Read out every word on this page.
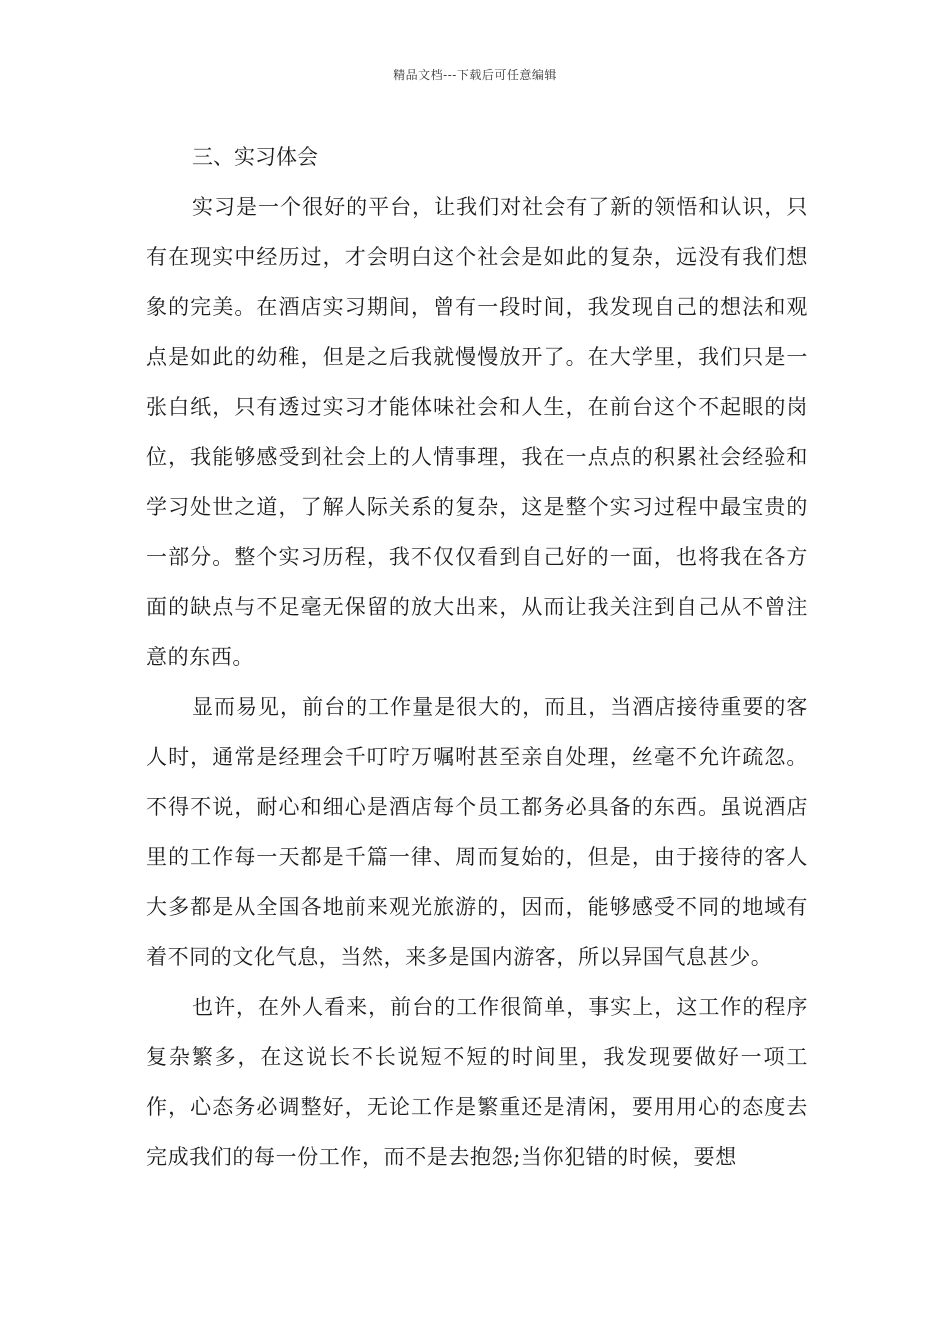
精品文档---下载后可任意编辑
三、实习体会

实习是一个很好的平台，让我们对社会有了新的领悟和认识，只有在现实中经历过，才会明白这个社会是如此的复杂，远没有我们想象的完美。在酒店实习期间，曾有一段时间，我发现自己的想法和观点是如此的幼稚，但是之后我就慢慢放开了。在大学里，我们只是一张白纸，只有透过实习才能体味社会和人生，在前台这个不起眼的岗位，我能够感受到社会上的人情事理，我在一点点的积累社会经验和学习处世之道，了解人际关系的复杂，这是整个实习过程中最宝贵的一部分。整个实习历程，我不仅仅看到自己好的一面，也将我在各方面的缺点与不足毫无保留的放大出来，从而让我关注到自己从不曾注意的东西。

显而易见，前台的工作量是很大的，而且，当酒店接待重要的客人时，通常是经理会千叮咛万嘱咐甚至亲自处理，丝毫不允许疏忽。不得不说，耐心和细心是酒店每个员工都务必具备的东西。虽说酒店里的工作每一天都是千篇一律、周而复始的，但是，由于接待的客人大多都是从全国各地前来观光旅游的，因而，能够感受不同的地域有着不同的文化气息，当然，来多是国内游客，所以异国气息甚少。

也许，在外人看来，前台的工作很简单，事实上，这工作的程序复杂繁多，在这说长不长说短不短的时间里，我发现要做好一项工作，心态务必调整好，无论工作是繁重还是清闲，要用用心的态度去完成我们的每一份工作，而不是去抱怨;当你犯错的时候，要想
